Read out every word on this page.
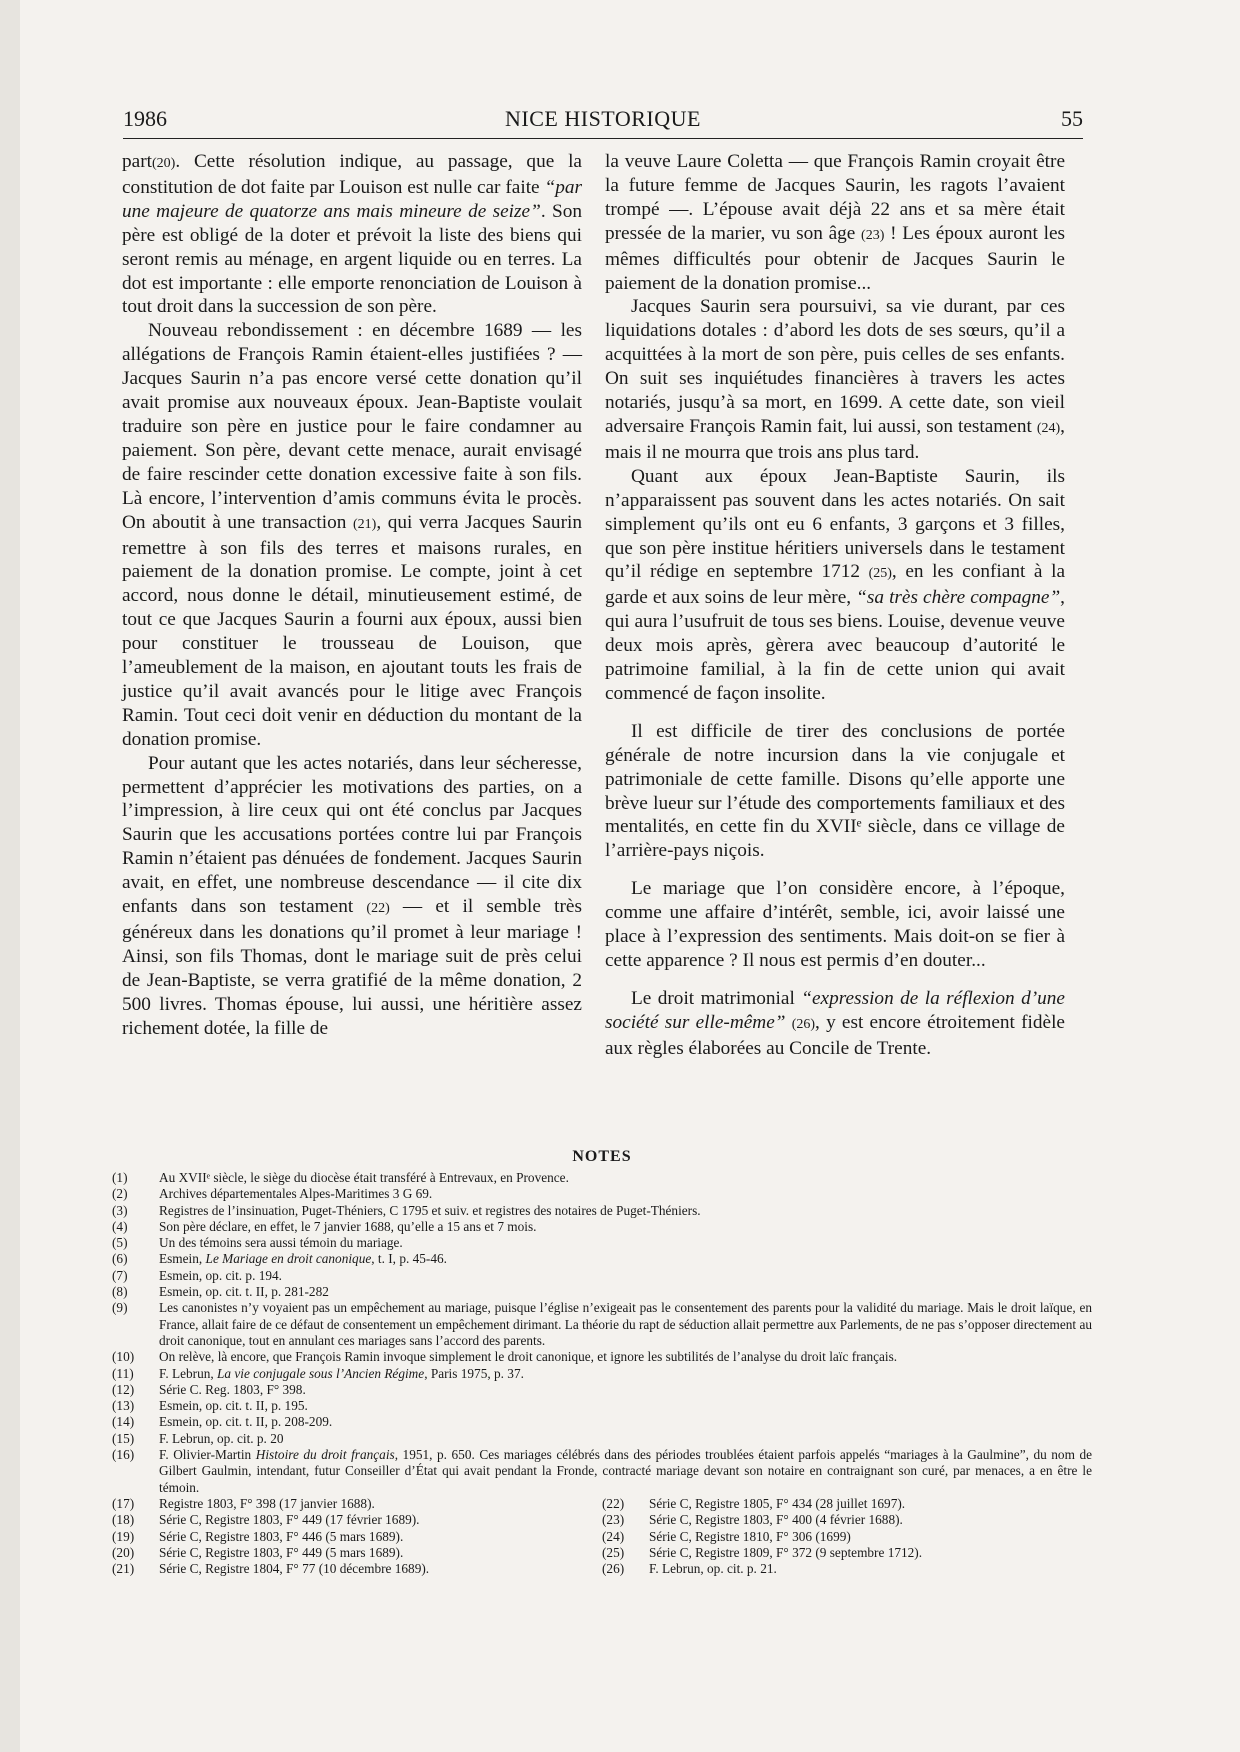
NICE HISTORIQUE
1986	55

part(20). Cette résolution indique, au passage, que la constitution de dot faite par Louison est nulle car faite “par une majeure de quatorze ans mais mineure de seize”. Son père est obligé de la doter et prévoit la liste des biens qui seront remis au ménage, en argent liquide ou en terres. La dot est importante : elle emporte renonciation de Louison à tout droit dans la succession de son père.

Nouveau rebondissement : en décembre 1689 — les allégations de François Ramin étaient-elles justifiées ? — Jacques Saurin n’a pas encore versé cette donation qu’il avait promise aux nouveaux époux. Jean-Baptiste voulait traduire son père en justice pour le faire condamner au paiement. Son père, devant cette menace, aurait envisagé de faire rescinder cette donation excessive faite à son fils. Là encore, l’intervention d’amis communs évita le procès. On aboutit à une transaction (21), qui verra Jacques Saurin remettre à son fils des terres et maisons rurales, en paiement de la donation promise. Le compte, joint à cet accord, nous donne le détail, minutieusement estimé, de tout ce que Jacques Saurin a fourni aux époux, aussi bien pour constituer le trousseau de Louison, que l’ameublement de la maison, en ajoutant touts les frais de justice qu’il avait avancés pour le litige avec François Ramin. Tout ceci doit venir en déduction du montant de la donation promise.

Pour autant que les actes notariés, dans leur sécheresse, permettent d’apprécier les motivations des parties, on a l’impression, à lire ceux qui ont été conclus par Jacques Saurin que les accusations portées contre lui par François Ramin n’étaient pas dénuées de fondement. Jacques Saurin avait, en effet, une nombreuse descendance — il cite dix enfants dans son testament (22) — et il semble très généreux dans les donations qu’il promet à leur mariage ! Ainsi, son fils Thomas, dont le mariage suit de près celui de Jean-Baptiste, se verra gratifié de la même donation, 2 500 livres. Thomas épouse, lui aussi, une héritière assez richement dotée, la fille de

la veuve Laure Coletta — que François Ramin croyait être la future femme de Jacques Saurin, les ragots l’avaient trompé —. L’épouse avait déjà 22 ans et sa mère était pressée de la marier, vu son âge (23) ! Les époux auront les mêmes difficultés pour obtenir de Jacques Saurin le paiement de la donation promise...

Jacques Saurin sera poursuivi, sa vie durant, par ces liquidations dotales : d’abord les dots de ses sœurs, qu’il a acquittées à la mort de son père, puis celles de ses enfants. On suit ses inquiétudes financières à travers les actes notariés, jusqu’à sa mort, en 1699. A cette date, son vieil adversaire François Ramin fait, lui aussi, son testament (24), mais il ne mourra que trois ans plus tard.

Quant aux époux Jean-Baptiste Saurin, ils n’apparaissent pas souvent dans les actes notariés. On sait simplement qu’ils ont eu 6 enfants, 3 garçons et 3 filles, que son père institue héritiers universels dans le testament qu’il rédige en septembre 1712 (25), en les confiant à la garde et aux soins de leur mère, “sa très chère compagne”, qui aura l’usufruit de tous ses biens. Louise, devenue veuve deux mois après, gèrera avec beaucoup d’autorité le patrimoine familial, à la fin de cette union qui avait commencé de façon insolite.

Il est difficile de tirer des conclusions de portée générale de notre incursion dans la vie conjugale et patrimoniale de cette famille. Disons qu’elle apporte une brève lueur sur l’étude des comportements familiaux et des mentalités, en cette fin du XVIIᵉ siècle, dans ce village de l’arrière-pays niçois.

Le mariage que l’on considère encore, à l’époque, comme une affaire d’intérêt, semble, ici, avoir laissé une place à l’expression des sentiments. Mais doit-on se fier à cette apparence ? Il nous est permis d’en douter...

Le droit matrimonial “expression de la réflexion d’une société sur elle-même” (26), y est encore étroitement fidèle aux règles élaborées au Concile de Trente.

NOTES
(1)	Au XVIIᵉ siècle, le siège du diocèse était transféré à Entrevaux, en Provence.
(2)	Archives départementales Alpes-Maritimes 3 G 69.
(3)	Registres de l’insinuation, Puget-Théniers, C 1795 et suiv. et registres des notaires de Puget-Théniers.
(4)	Son père déclare, en effet, le 7 janvier 1688, qu’elle a 15 ans et 7 mois.
(5)	Un des témoins sera aussi témoin du mariage.
(6)	Esmein, Le Mariage en droit canonique, t. I, p. 45-46.
(7)	Esmein, op. cit. p. 194.
(8)	Esmein, op. cit. t. II, p. 281-282
(9)	Les canonistes n’y voyaient pas un empêchement au mariage, puisque l’église n’exigeait pas le consentement des parents pour la validité du mariage. Mais le droit laïque, en France, allait faire de ce défaut de consentement un empêchement dirimant. La théorie du rapt de séduction allait permettre aux Parlements, de ne pas s’opposer directement au droit canonique, tout en annulant ces mariages sans l’accord des parents.
(10)	On relève, là encore, que François Ramin invoque simplement le droit canonique, et ignore les subtilités de l’analyse du droit laïc français.
(11)	F. Lebrun, La vie conjugale sous l’Ancien Régime, Paris 1975, p. 37.
(12)	Série C. Reg. 1803, F° 398.
(13)	Esmein, op. cit. t. II, p. 195.
(14)	Esmein, op. cit. t. II, p. 208-209.
(15)	F. Lebrun, op. cit. p. 20
(16)	F. Olivier-Martin Histoire du droit français, 1951, p. 650. Ces mariages célébrés dans des périodes troublées étaient parfois appelés “mariages à la Gaulmine”, du nom de Gilbert Gaulmin, intendant, futur Conseiller d’État qui avait pendant la Fronde, contracté mariage devant son notaire en contraignant son curé, par menaces, a en être le témoin.
(17)	Registre 1803, F° 398 (17 janvier 1688).
(18)	Série C, Registre 1803, F° 449 (17 février 1689).
(19)	Série C, Registre 1803, F° 446 (5 mars 1689).
(20)	Série C, Registre 1803, F° 449 (5 mars 1689).
(21)	Série C, Registre 1804, F° 77 (10 décembre 1689).
(22)	Série C, Registre 1805, F° 434 (28 juillet 1697).
(23)	Série C, Registre 1803, F° 400 (4 février 1688).
(24)	Série C, Registre 1810, F° 306 (1699)
(25)	Série C, Registre 1809, F° 372 (9 septembre 1712).
(26)	F. Lebrun, op. cit. p. 21.
